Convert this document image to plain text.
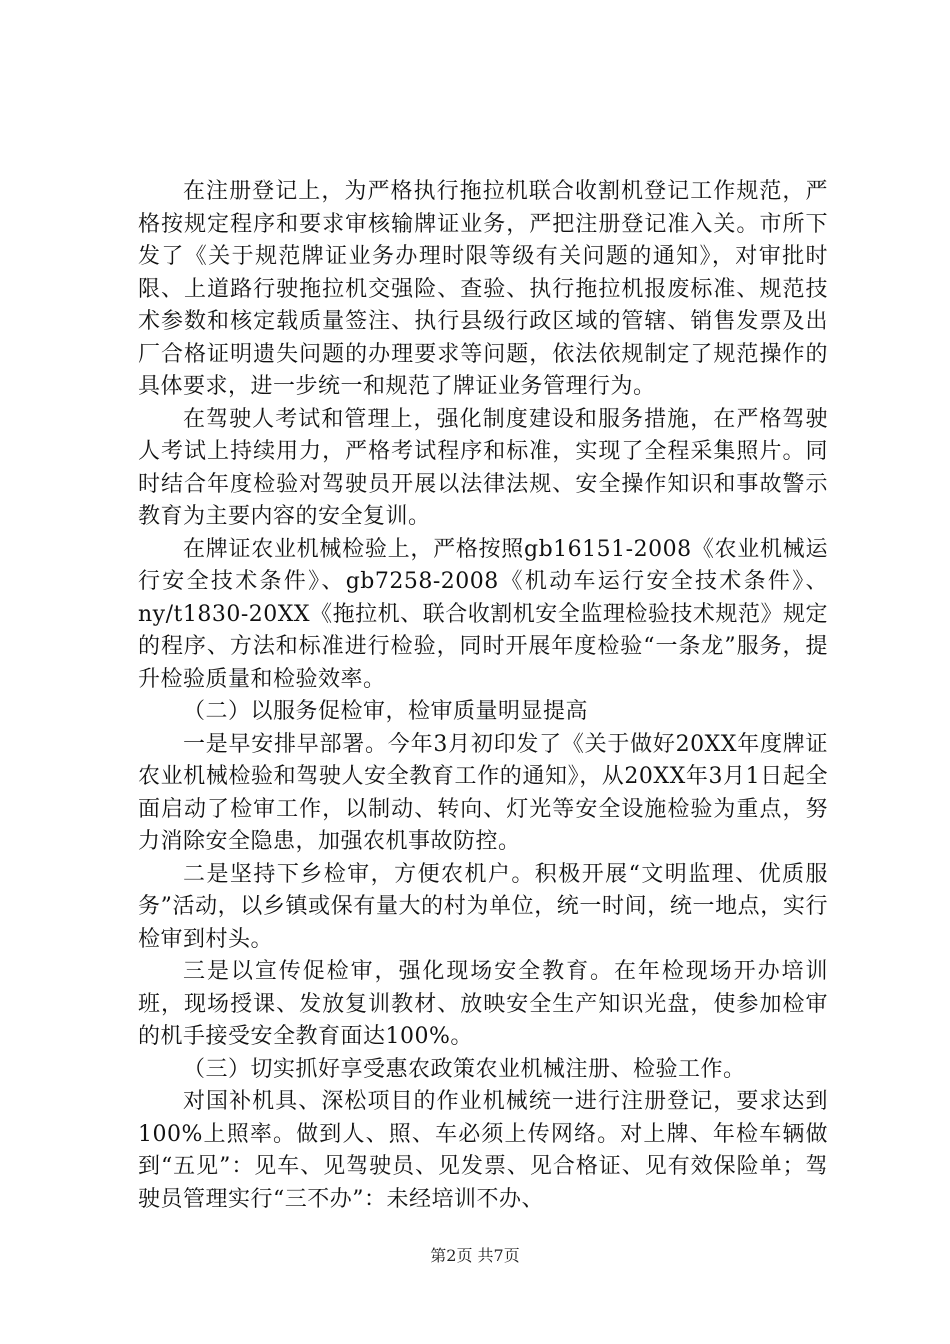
在注册登记上，为严格执行拖拉机联合收割机登记工作规范，严格按规定程序和要求审核输牌证业务，严把注册登记准入关。市所下发了《关于规范牌证业务办理时限等级有关问题的通知》，对审批时限、上道路行驶拖拉机交强险、查验、执行拖拉机报废标准、规范技术参数和核定载质量签注、执行县级行政区域的管辖、销售发票及出厂合格证明遗失问题的办理要求等问题，依法依规制定了规范操作的具体要求，进一步统一和规范了牌证业务管理行为。

在驾驶人考试和管理上，强化制度建设和服务措施，在严格驾驶人考试上持续用力，严格考试程序和标准，实现了全程采集照片。同时结合年度检验对驾驶员开展以法律法规、安全操作知识和事故警示教育为主要内容的安全复训。

在牌证农业机械检验上，严格按照gb16151-2008《农业机械运行安全技术条件》、gb7258-2008《机动车运行安全技术条件》、ny/t1830-20XX《拖拉机、联合收割机安全监理检验技术规范》规定的程序、方法和标准进行检验，同时开展年度检验“一条龙”服务，提升检验质量和检验效率。

（二）以服务促检审，检审质量明显提高

一是早安排早部署。今年3月初印发了《关于做好20XX年度牌证农业机械检验和驾驶人安全教育工作的通知》，从20XX年3月1日起全面启动了检审工作，以制动、转向、灯光等安全设施检验为重点，努力消除安全隐患，加强农机事故防控。

二是坚持下乡检审，方便农机户。积极开展“文明监理、优质服务”活动，以乡镇或保有量大的村为单位，统一时间，统一地点，实行检审到村头。

三是以宣传促检审，强化现场安全教育。在年检现场开办培训班，现场授课、发放复训教材、放映安全生产知识光盘，使参加检审的机手接受安全教育面达100%。

（三）切实抓好享受惠农政策农业机械注册、检验工作。

对国补机具、深松项目的作业机械统一进行注册登记，要求达到100%上照率。做到人、照、车必须上传网络。对上牌、年检车辆做到“五见”：见车、见驾驶员、见发票、见合格证、见有效保险单；驾驶员管理实行“三不办”：未经培训不办、

第2页 共7页
